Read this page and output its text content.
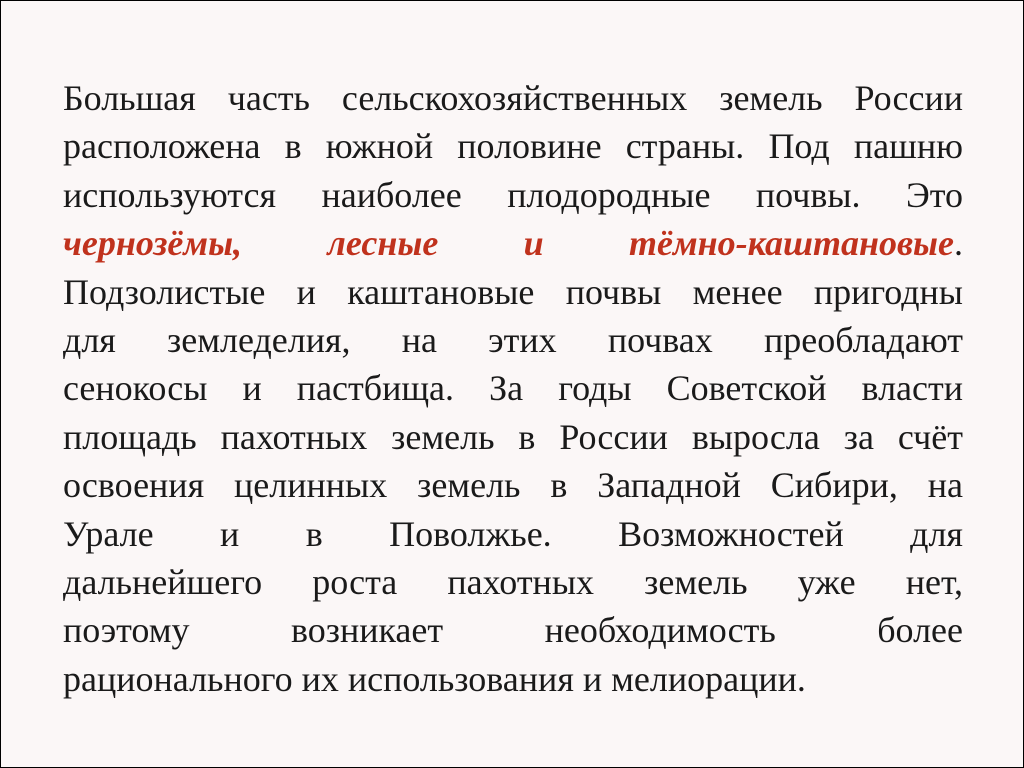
Большая часть сельскохозяйственных земель России
расположена в южной половине страны. Под пашню
используются наиболее плодородные почвы. Это
чернозёмы, лесные и тёмно-каштановые.
Подзолистые и каштановые почвы менее пригодны
для земледелия, на этих почвах преобладают
сенокосы и пастбища. За годы Советской власти
площадь пахотных земель в России выросла за счёт
освоения целинных земель в Западной Сибири, на
Урале и в Поволжье. Возможностей для
дальнейшего роста пахотных земель уже нет,
поэтому возникает необходимость более
рационального их использования и мелиорации.
